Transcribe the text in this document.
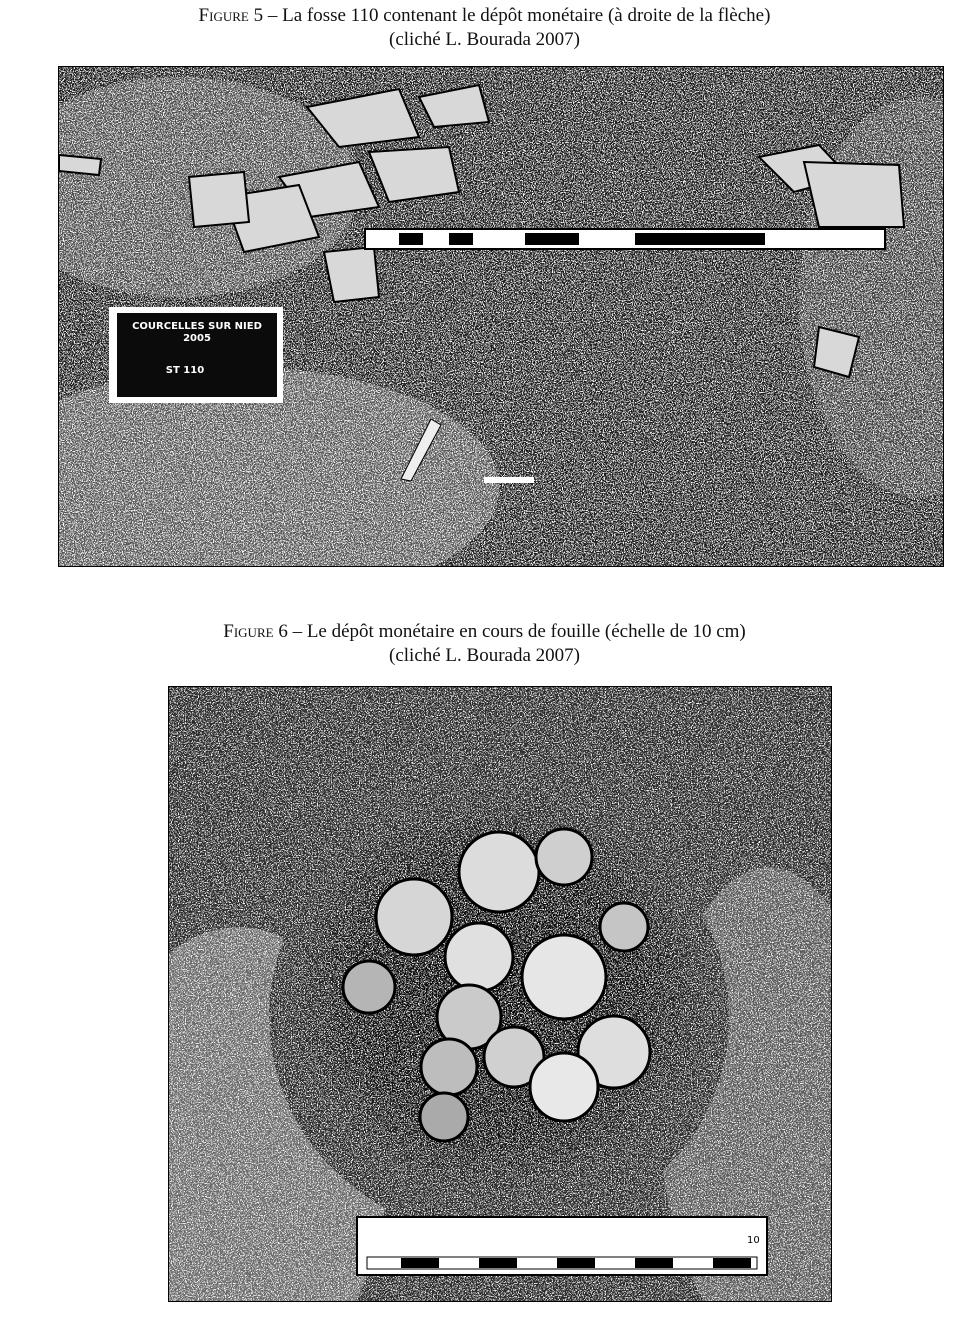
Figure 5 – La fosse 110 contenant le dépôt monétaire (à droite de la flèche)
(cliché L. Bourada 2007)
COURCELLES SUR NIED
2005
ST 110
Figure 6 – Le dépôt monétaire en cours de fouille (échelle de 10 cm)
(cliché L. Bourada 2007)
10
